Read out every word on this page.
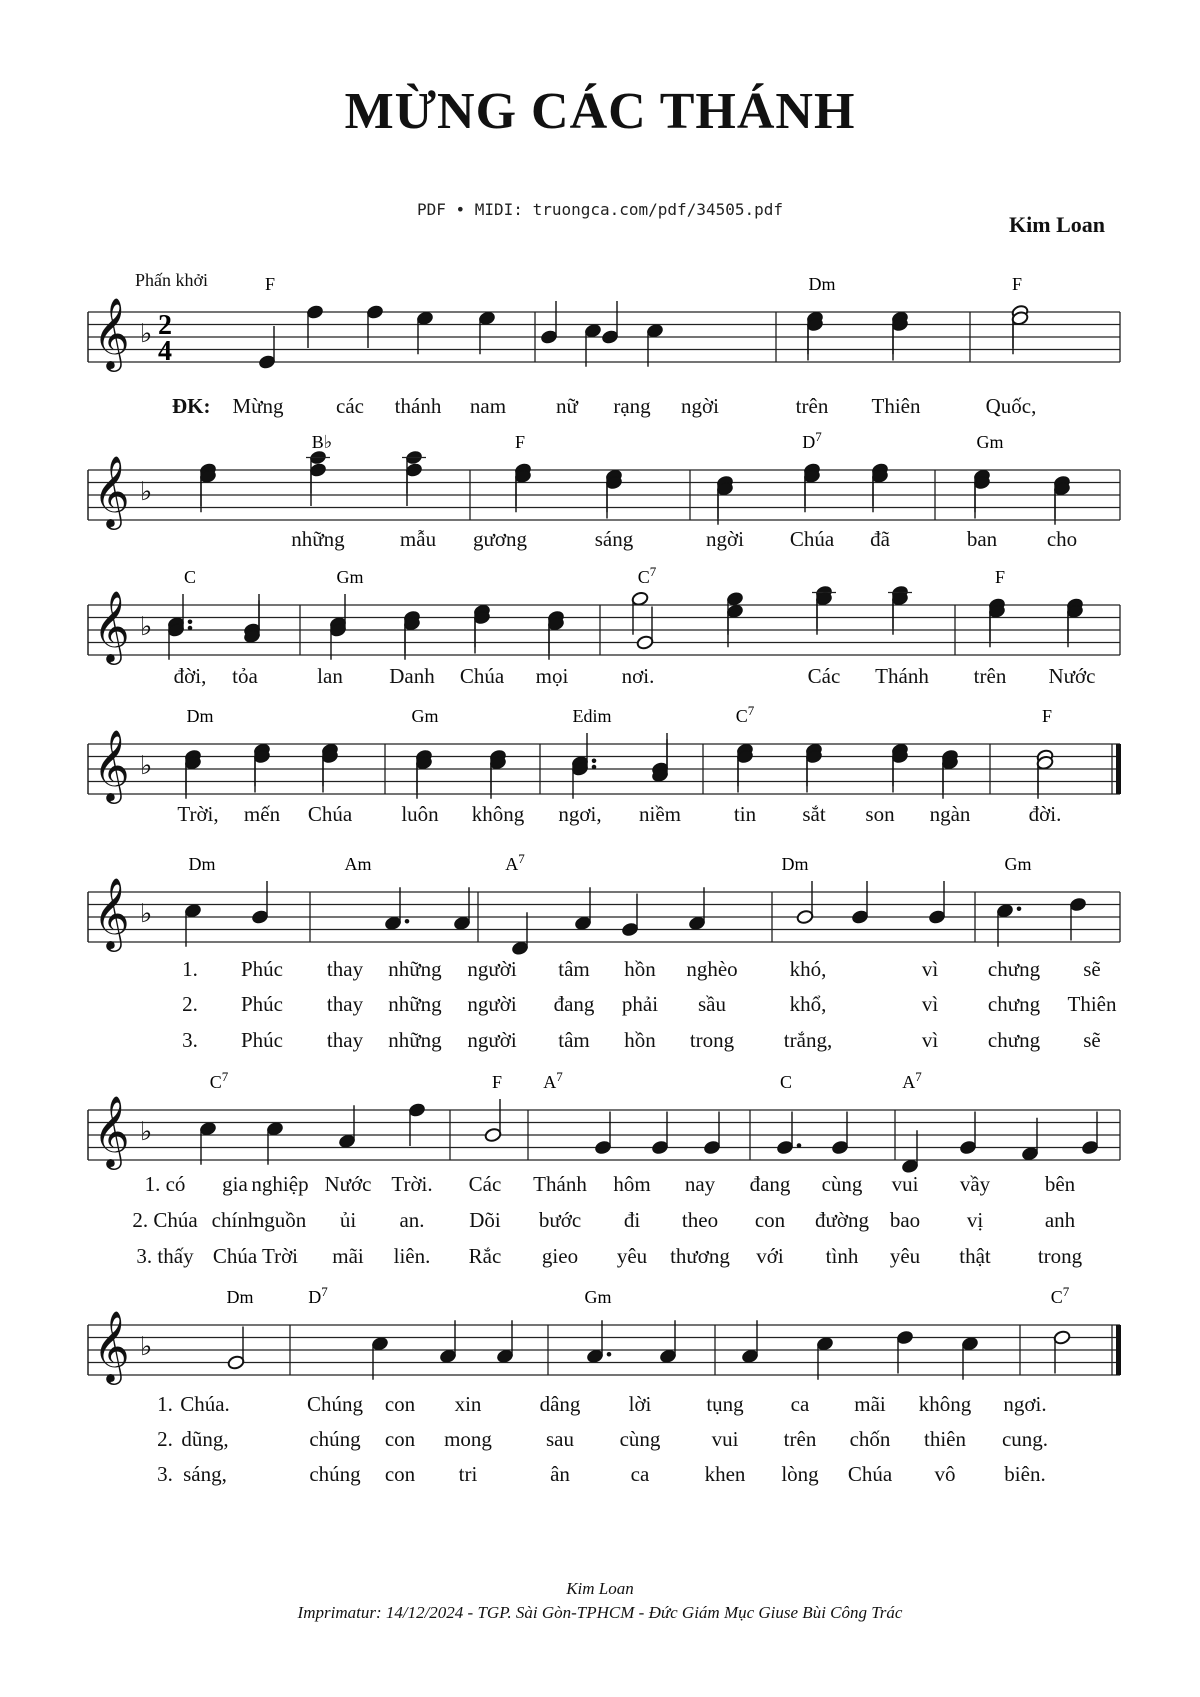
MỪNG CÁC THÁNH
PDF • MIDI: truongca.com/pdf/34505.pdf
Kim Loan
Phấn khởi
𝄞 ♭ 2
4
F	Dm	F
Mừng các thánh nam nữ rạng ngời	trên Thiên	Quốc,
ĐK:
𝄞 ♭
B♭	F	$D^7$	Gm
những	mẫu gương	sáng	ngời Chúa đã	ban cho
𝄞 ♭
C	Gm	$C^7$	F
đời, tỏa	lan Danh Chúa mọi	nơi.	Các Thánh trên Nước
𝄞 ♭
Dm	Gm	Edim	$C^7$	F
Trời, mến Chúa luôn không ngơi, niềm	tin sắt son ngàn	đời.
𝄞 ♭
Dm	Am	$A^7$	Dm	Gm
1. Phúc thay những người tâm hồn nghèo khó,	vì chưng sẽ
2. Phúc thay những người đang phải sầu	khổ,	vì chưng Thiên
3. Phúc thay những người tâm hồn trong trắng,	vì chưng sẽ
𝄞 ♭
$C^7$	F $A^7$	C	$A^7$
1. có gia nghiệp Nước Trời. Các Thánh hôm nay đang cùng vui vầy	bên
2. Chúa chính
nguồn ủi an. Dõi bước đi theo con đường bao vị	anh
3. thấy Chúa Trời mãi liên. Rắc gieo yêu thương với tình yêu thật trong
𝄞 ♭
Dm	$D^7$	Gm	$C^7$
1. Chúa.	Chúng con xin	dâng lời	tụng ca mãi không ngơi.
2. dũng,	chúng con mong	sau cùng vui trên chốn thiên cung.
3. sáng,	chúng con tri	ân	ca	khen lòng Chúa vô biên.
Kim Loan
Imprimatur: 14/12/2024 - TGP. Sài Gòn-TPHCM - Đức Giám Mục Giuse Bùi Công Trác
